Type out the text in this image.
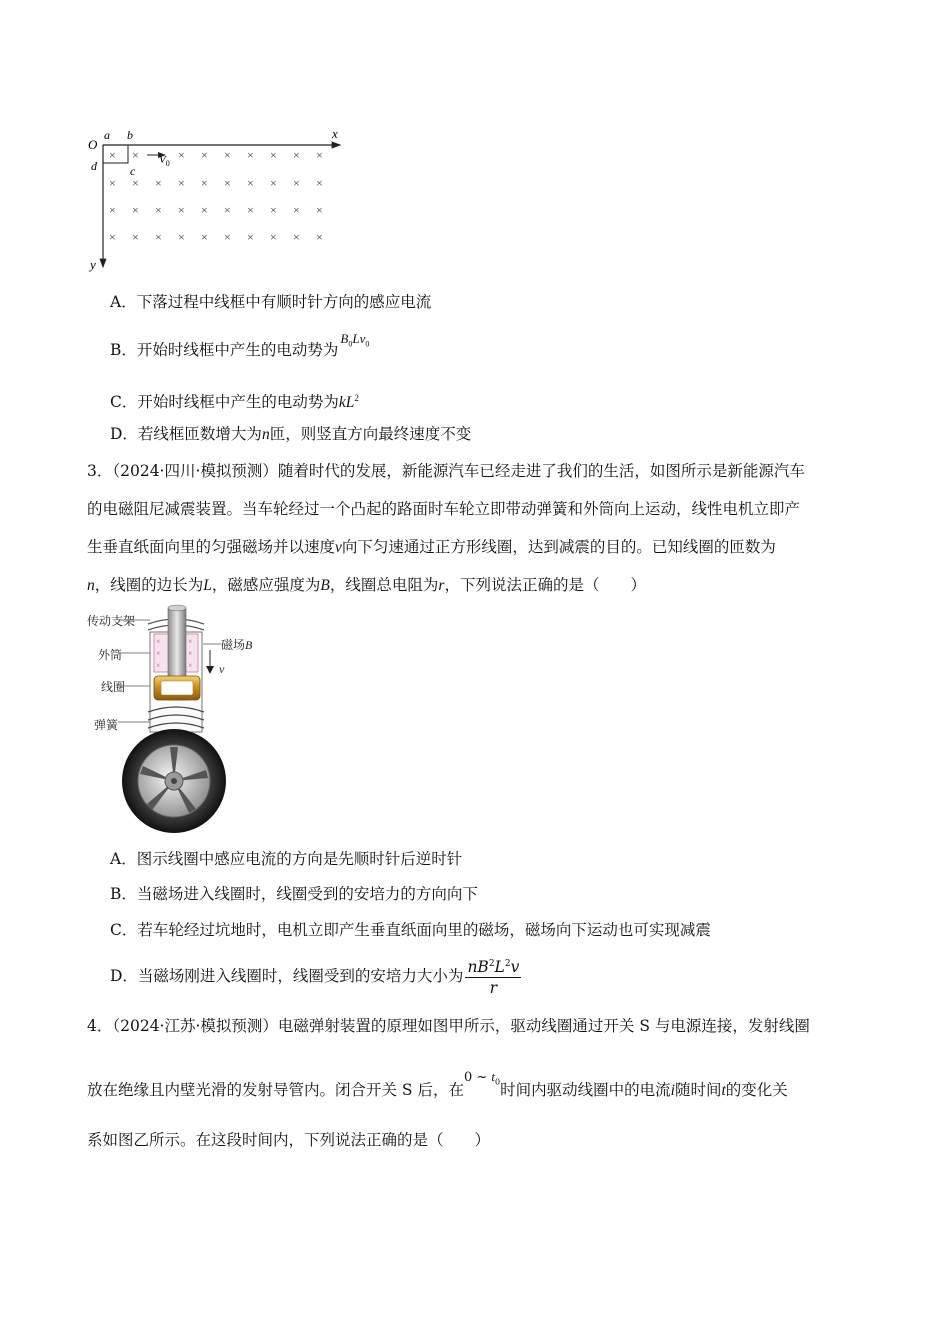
O
a b
c
d
x
y
$V_0$
× ×	× × × × × × ×
× × × × × × × × × ×
× × × × × × × × × ×
× × × × × × × × × ×
A．下落过程中线框中有顺时针方向的感应电流
B．开始时线框中产生的电动势为$^{B_0Lv_0}$
C．开始时线框中产生的电动势为$kL^2$
D．若线框匝数增大为n匝，则竖直方向最终速度不变
3．（2024·四川·模拟预测）随着时代的发展，新能源汽车已经走进了我们的生活，如图所示是新能源汽车
的电磁阻尼减震装置。当车轮经过一个凸起的路面时车轮立即带动弹簧和外筒向上运动，线性电机立即产
生垂直纸面向里的匀强磁场并以速度v向下匀速通过正方形线圈，达到减震的目的。已知线圈的匝数为
n，线圈的边长为L，磁感应强度为B，线圈总电阻为r，下列说法正确的是（　　）
传动支架
外筒
线圈
弹簧
磁场B
v
×	×
×	×
×	×
A．图示线圈中感应电流的方向是先顺时针后逆时针
B．当磁场进入线圈时，线圈受到的安培力的方向向下
C．若车轮经过坑地时，电机立即产生垂直纸面向里的磁场，磁场向下运动也可实现减震
D．当磁场刚进入线圈时，线圈受到的安培力大小为 $\frac{nB^2L^2v}{r}$
4．（2024·江苏·模拟预测）电磁弹射装置的原理如图甲所示，驱动线圈通过开关 S 与电源连接，发射线圈
放在绝缘且内壁光滑的发射导管内。闭合开关 S 后，在$^{0 \sim t_0}$时间内驱动线圈中的电流i随时间t的变化关
系如图乙所示。在这段时间内，下列说法正确的是（　　）
